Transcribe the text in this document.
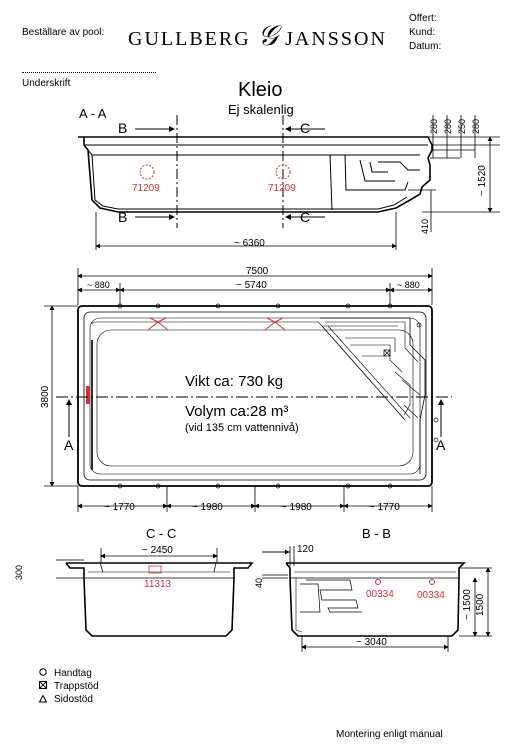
Beställare av pool: GULLBERG 𝒢 JANSSON
Offert:
Kund:
Datum:
Underskrift	Kleio
Ej skalenlig
A - A
B
B
C
C
71209	71209
280 280 250 280
~ 1520
410
~ 6360
7500
~ 880	~ 5740	~ 880
A	A
3800
~ 1770	~ 1980	~ 1980	~ 1770
Vikt ca: 730 kg
Volym ca:28 m³
(vid 135 cm vattennivå)
C - C
~ 2450
300
11313
B - B
120
40
~ 1500 1500
~ 3040
00334 00334
Handtag
Trappstöd
Sidostöd
Montering enligt manual
